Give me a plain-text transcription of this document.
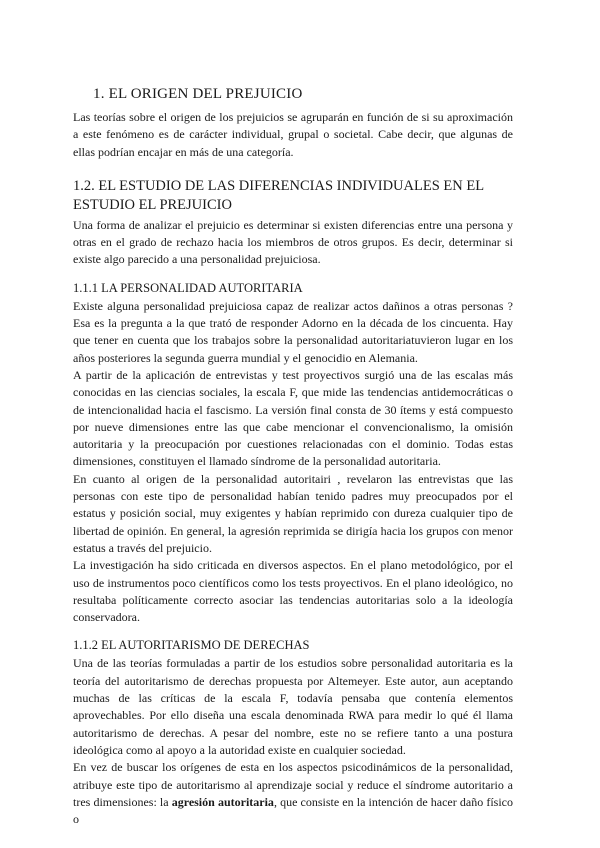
1. EL ORIGEN DEL PREJUICIO

Las teorías sobre el origen de los prejuicios se agruparán en función de si su aproximación a este fenómeno es de carácter individual, grupal o societal. Cabe decir, que algunas de ellas podrían encajar en más de una categoría.

1.2. EL ESTUDIO DE LAS DIFERENCIAS INDIVIDUALES EN EL ESTUDIO EL PREJUICIO

Una forma de analizar el prejuicio es determinar si existen diferencias entre una persona y otras en el grado de rechazo hacia los miembros de otros grupos. Es decir, determinar si existe algo parecido a una personalidad prejuiciosa.

1.1.1 LA PERSONALIDAD AUTORITARIA

Existe alguna personalidad prejuiciosa capaz de realizar actos dañinos a otras personas ? Esa es la pregunta a la que trató de responder Adorno en la década de los cincuenta. Hay que tener en cuenta que los trabajos sobre la personalidad autoritariatuvieron lugar en los años posteriores la segunda guerra mundial y el genocidio en Alemania.

A partir de la aplicación de entrevistas y test proyectivos surgió una de las escalas más conocidas en las ciencias sociales, la escala F, que mide las tendencias antidemocráticas o de intencionalidad hacia el fascismo. La versión final consta de 30 ítems y está compuesto por nueve dimensiones entre las que cabe mencionar el convencionalismo, la omisión autoritaria y la preocupación por cuestiones relacionadas con el dominio. Todas estas dimensiones, constituyen el llamado síndrome de la personalidad autoritaria.

En cuanto al origen de la personalidad autoritairi , revelaron las entrevistas que las personas con este tipo de personalidad habían tenido padres muy preocupados por el estatus y posición social, muy exigentes y habían reprimido con dureza cualquier tipo de libertad de opinión. En general, la agresión reprimida se dirigía hacia los grupos con menor estatus a través del prejuicio.

La investigación ha sido criticada en diversos aspectos. En el plano metodológico, por el uso de instrumentos poco científicos como los tests proyectivos. En el plano ideológico, no resultaba políticamente correcto asociar las tendencias autoritarias solo a la ideología conservadora.

1.1.2 EL AUTORITARISMO DE DERECHAS

Una de las teorías formuladas a partir de los estudios sobre personalidad autoritaria es la teoría del autoritarismo de derechas propuesta por Altemeyer. Este autor, aun aceptando muchas de las críticas de la escala F, todavía pensaba que contenía elementos aprovechables. Por ello diseña una escala denominada RWA para medir lo qué él llama autoritarismo de derechas. A pesar del nombre, este no se refiere tanto a una postura ideológica como al apoyo a la autoridad existe en cualquier sociedad.

En vez de buscar los orígenes de esta en los aspectos psicodinámicos de la personalidad, atribuye este tipo de autoritarismo al aprendizaje social y reduce el síndrome autoritario a tres dimensiones: la agresión autoritaria, que consiste en la intención de hacer daño físico o
